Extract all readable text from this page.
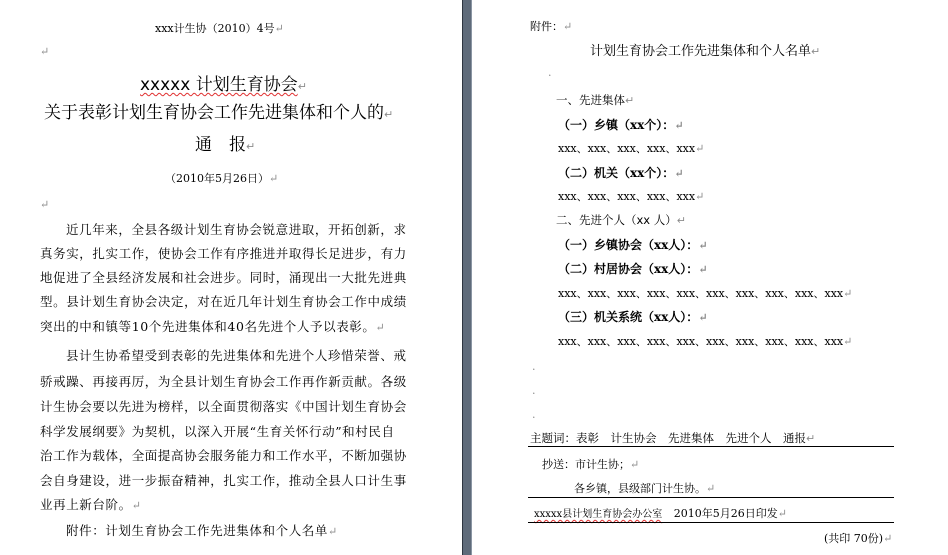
xxx计生协（2010）4号↵
↵
xxxxx 计划生育协会↵
关于表彰计划生育协会工作先进集体和个人的↵
通　报↵
（2010年5月26日）↵
↵
近几年来，全县各级计划生育协会锐意进取，开拓创新，求
真务实，扎实工作，使协会工作有序推进并取得长足进步，有力
地促进了全县经济发展和社会进步。同时，涌现出一大批先进典
型。县计划生育协会决定，对在近几年计划生育协会工作中成绩
突出的中和镇等10个先进集体和40名先进个人予以表彰。↵
县计生协希望受到表彰的先进集体和先进个人珍惜荣誉、戒
骄戒躁、再接再厉，为全县计划生育协会工作再作新贡献。各级
计生协会要以先进为榜样，以全面贯彻落实《中国计划生育协会
科学发展纲要》为契机，以深入开展“生育关怀行动”和村民自
治工作为载体，全面提高协会服务能力和工作水平，不断加强协
会自身建设，进一步振奋精神，扎实工作，推动全县人口计生事
业再上新台阶。↵
附件：计划生育协会工作先进集体和个人名单↵
附件：↵
计划生育协会工作先进集体和个人名单↵
.
一、先进集体↵
（一）乡镇（xx个）：↵
xxx、xxx、xxx、xxx、xxx↵
（二）机关（xx个）：↵
xxx、xxx、xxx、xxx、xxx↵
二、先进个人（xx 人）↵
（一）乡镇协会（xx人）：↵
（二）村居协会（xx人）：↵
xxx、xxx、xxx、xxx、xxx、xxx、xxx、xxx、xxx、xxx↵
（三）机关系统（xx人）：↵
xxx、xxx、xxx、xxx、xxx、xxx、xxx、xxx、xxx、xxx↵
.
.
.
主题词：表彰　计生协会　先进集体　先进个人　通报↵
抄送：市计生协；↵
各乡镇，县级部门计生协。↵
xxxxx县计划生育协会办公室 2010年5月26日印发↵
(共印 70份)↵
